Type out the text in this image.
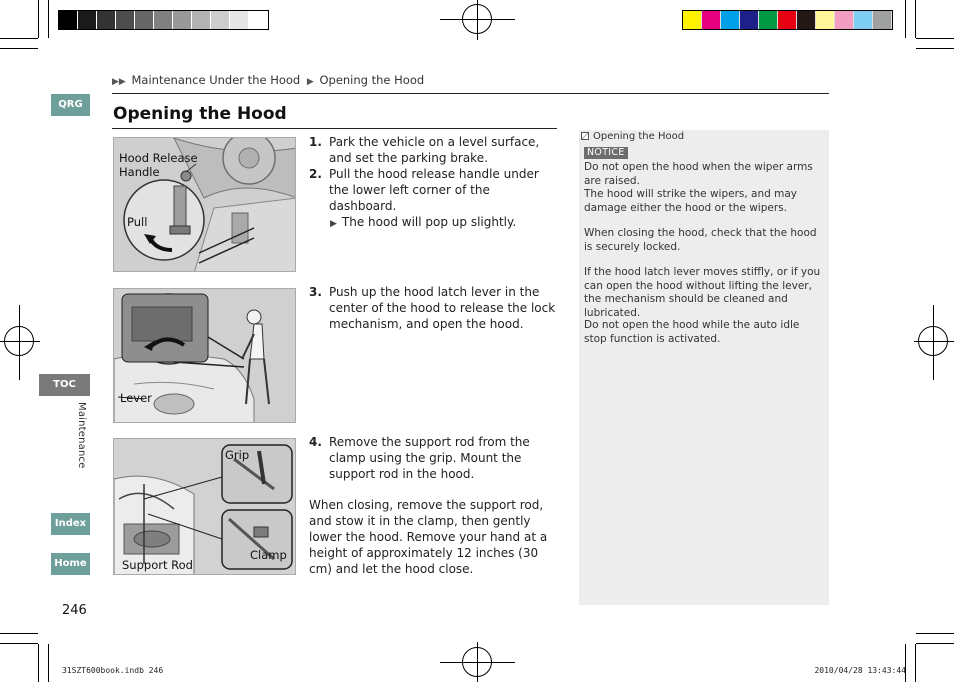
QRG
TOC
Maintenance
Index
Home
▶▶ Maintenance Under the Hood ▶ Opening the Hood
Opening the Hood
Hood Release
Handle
Pull
Lever
Grip
Clamp
Support Rod
1. Park the vehicle on a level surface, and set the parking brake.
2. Pull the hood release handle under the lower left corner of the dashboard.
▶ The hood will pop up slightly.
3. Push up the hood latch lever in the center of the hood to release the lock mechanism, and open the hood.
4. Remove the support rod from the clamp using the grip. Mount the support rod in the hood.
When closing, remove the support rod, and stow it in the clamp, then gently lower the hood. Remove your hand at a height of approximately 12 inches (30 cm) and let the hood close.
Opening the Hood
NOTICE
Do not open the hood when the wiper arms are raised.
The hood will strike the wipers, and may damage either the hood or the wipers.
When closing the hood, check that the hood is securely locked.
If the hood latch lever moves stiffly, or if you can open the hood without lifting the lever, the mechanism should be cleaned and lubricated.
Do not open the hood while the auto idle stop function is activated.
246
31SZT600book.indb 246	2010/04/28 13:43:44
